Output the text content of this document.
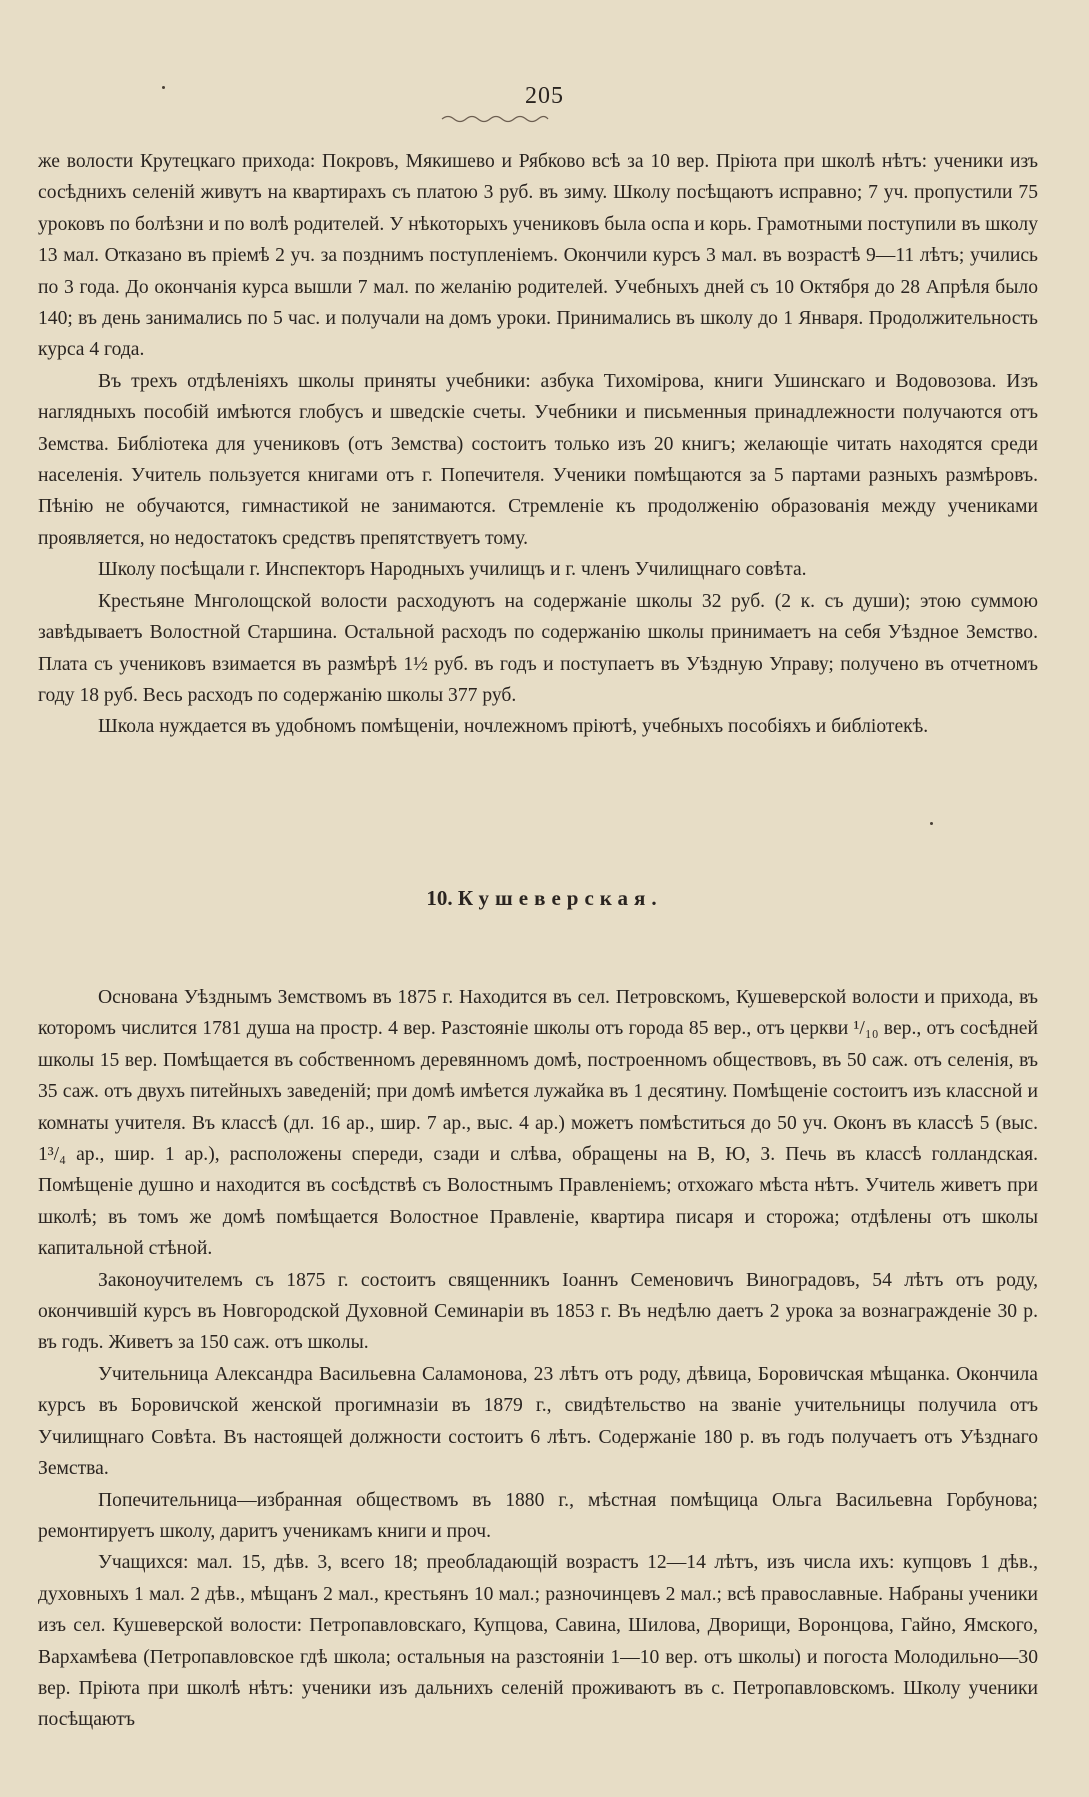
205

же волости Крутецкаго прихода: Покровъ, Мякишево и Рябково всѣ за 10 вер. Пріюта при школѣ нѣтъ: ученики изъ сосѣднихъ селеній живутъ на квартирахъ съ платою 3 руб. въ зиму. Школу посѣщаютъ исправно; 7 уч. пропустили 75 уроковъ по болѣзни и по волѣ родителей. У нѣкоторыхъ учениковъ была оспа и корь. Грамотными поступили въ школу 13 мал. Отказано въ пріемѣ 2 уч. за позднимъ поступленіемъ. Окончили курсъ 3 мал. въ возрастѣ 9—11 лѣтъ; учились по 3 года. До окончанія курса вышли 7 мал. по желанію родителей. Учебныхъ дней съ 10 Октября до 28 Апрѣля было 140; въ день занимались по 5 час. и получали на домъ уроки. Принимались въ школу до 1 Января. Продолжительность курса 4 года.

Въ трехъ отдѣленіяхъ школы приняты учебники: азбука Тихомірова, книги Ушинскаго и Водовозова. Изъ наглядныхъ пособій имѣются глобусъ и шведскіе счеты. Учебники и письменныя принадлежности получаются отъ Земства. Библіотека для учениковъ (отъ Земства) состоитъ только изъ 20 книгъ; желающіе читать находятся среди населенія. Учитель пользуется книгами отъ г. Попечителя. Ученики помѣщаются за 5 партами разныхъ размѣровъ. Пѣнію не обучаются, гимнастикой не занимаются. Стремленіе къ продолженію образованія между учениками проявляется, но недостатокъ средствъ препятствуетъ тому.

Школу посѣщали г. Инспекторъ Народныхъ училищъ и г. членъ Училищнаго совѣта.

Крестьяне Мнголощской волости расходуютъ на содержаніе школы 32 руб. (2 к. съ души); этою суммою завѣдываетъ Волостной Старшина. Остальной расходъ по содержанію школы принимаетъ на себя Уѣздное Земство. Плата съ учениковъ взимается въ размѣрѣ 1½ руб. въ годъ и поступаетъ въ Уѣздную Управу; получено въ отчетномъ году 18 руб. Весь расходъ по содержанію школы 377 руб.

Школа нуждается въ удобномъ помѣщеніи, ночлежномъ пріютѣ, учебныхъ пособіяхъ и библіотекѣ.

10. Кушеверская.

Основана Уѣзднымъ Земствомъ въ 1875 г. Находится въ сел. Петровскомъ, Кушеверской волости и прихода, въ которомъ числится 1781 душа на простр. 4 вер. Разстояніе школы отъ города 85 вер., отъ церкви ¹/₁₀ вер., отъ сосѣдней школы 15 вер. Помѣщается въ собственномъ деревянномъ домѣ, построенномъ обществовъ, въ 50 саж. отъ селенія, въ 35 саж. отъ двухъ питейныхъ заведеній; при домѣ имѣется лужайка въ 1 десятину. Помѣщеніе состоитъ изъ классной и комнаты учителя. Въ классѣ (дл. 16 ар., шир. 7 ар., выс. 4 ар.) можетъ помѣститься до 50 уч. Оконъ въ классѣ 5 (выс. 1³/₄ ар., шир. 1 ар.), расположены спереди, сзади и слѣва, обращены на В, Ю, З. Печь въ классѣ голландская. Помѣщеніе душно и находится въ сосѣдствѣ съ Волостнымъ Правленіемъ; отхожаго мѣста нѣтъ. Учитель живетъ при школѣ; въ томъ же домѣ помѣщается Волостное Правленіе, квартира писаря и сторожа; отдѣлены отъ школы капитальной стѣной.

Законоучителемъ съ 1875 г. состоитъ священникъ Іоаннъ Семеновичъ Виноградовъ, 54 лѣтъ отъ роду, окончившій курсъ въ Новгородской Духовной Семинаріи въ 1853 г. Въ недѣлю даетъ 2 урока за вознагражденіе 30 р. въ годъ. Живетъ за 150 саж. отъ школы.

Учительница Александра Васильевна Саламонова, 23 лѣтъ отъ роду, дѣвица, Боровичская мѣщанка. Окончила курсъ въ Боровичской женской прогимназіи въ 1879 г., свидѣтельство на званіе учительницы получила отъ Училищнаго Совѣта. Въ настоящей должности состоитъ 6 лѣтъ. Содержаніе 180 р. въ годъ получаетъ отъ Уѣзднаго Земства.

Попечительница—избранная обществомъ въ 1880 г., мѣстная помѣщица Ольга Васильевна Горбунова; ремонтируетъ школу, даритъ ученикамъ книги и проч.

Учащихся: мал. 15, дѣв. 3, всего 18; преобладающій возрастъ 12—14 лѣтъ, изъ числа ихъ: купцовъ 1 дѣв., духовныхъ 1 мал. 2 дѣв., мѣщанъ 2 мал., крестьянъ 10 мал.; разночинцевъ 2 мал.; всѣ православные. Набраны ученики изъ сел. Кушеверской волости: Петропавловскаго, Купцова, Савина, Шилова, Дворищи, Воронцова, Гайно, Ямского, Вархамѣева (Петропавловское гдѣ школа; остальныя на разстояніи 1—10 вер. отъ школы) и погоста Молодильно—30 вер. Пріюта при школѣ нѣтъ: ученики изъ дальнихъ селеній проживаютъ въ с. Петропавловскомъ. Школу ученики посѣщаютъ
